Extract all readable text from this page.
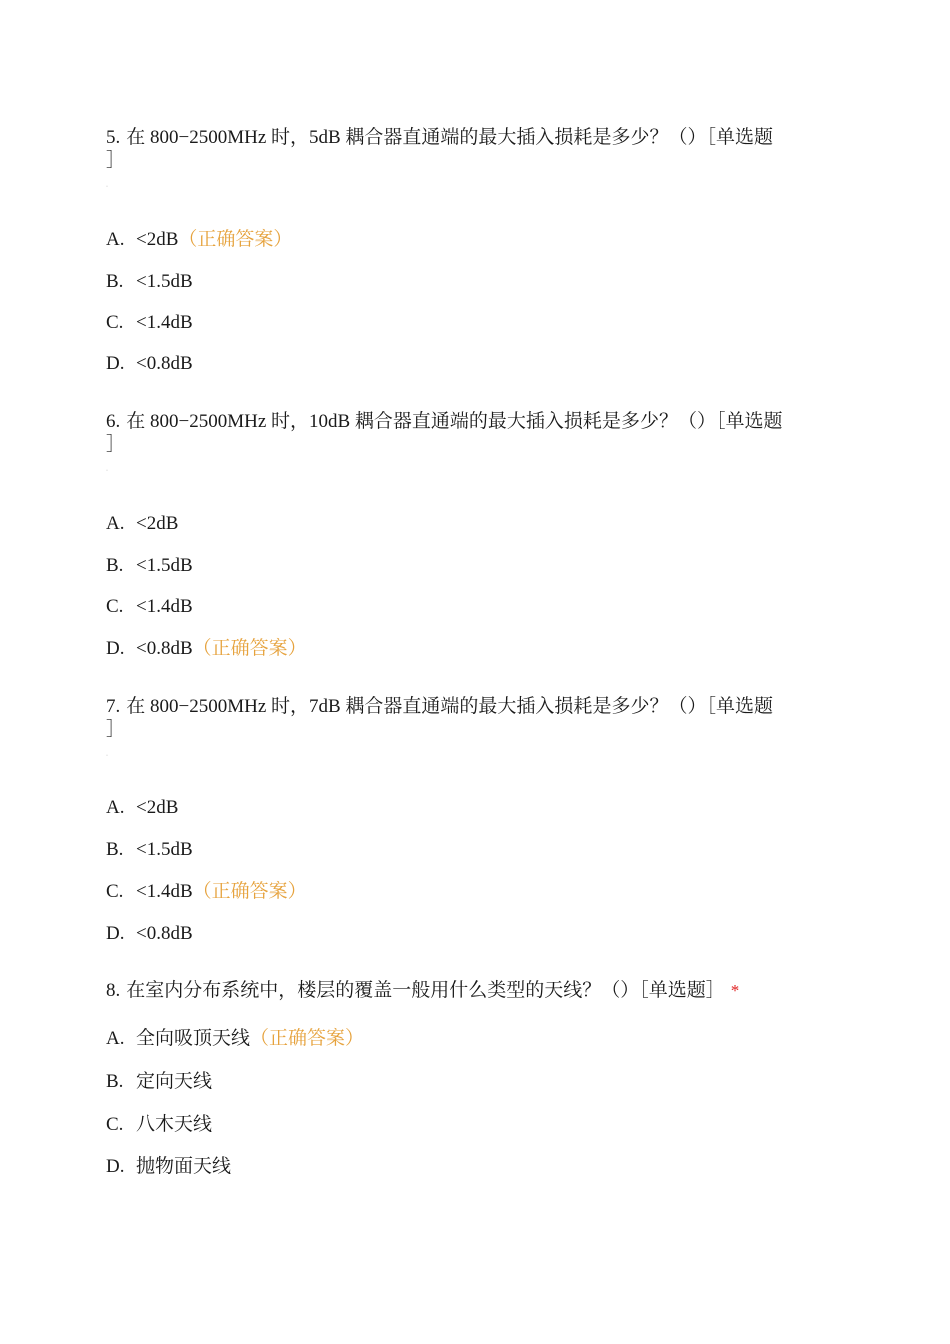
5. 在 800−2500MHz 时，5dB 耦合器直通端的最大插入损耗是多少？（）［单选题
］

·
A. <2dB（正确答案）
B. <1.5dB
C. <1.4dB
D. <0.8dB

6. 在 800−2500MHz 时，10dB 耦合器直通端的最大插入损耗是多少？（）［单选题
］

·
A. <2dB
B. <1.5dB
C. <1.4dB
D. <0.8dB（正确答案）

7. 在 800−2500MHz 时，7dB 耦合器直通端的最大插入损耗是多少？（）［单选题
］

·
A. <2dB
B. <1.5dB
C. <1.4dB（正确答案）
D. <0.8dB

8. 在室内分布系统中，楼层的覆盖一般用什么类型的天线？（）［单选题］ *

A. 全向吸顶天线（正确答案）
B. 定向天线
C. 八木天线
D. 抛物面天线
